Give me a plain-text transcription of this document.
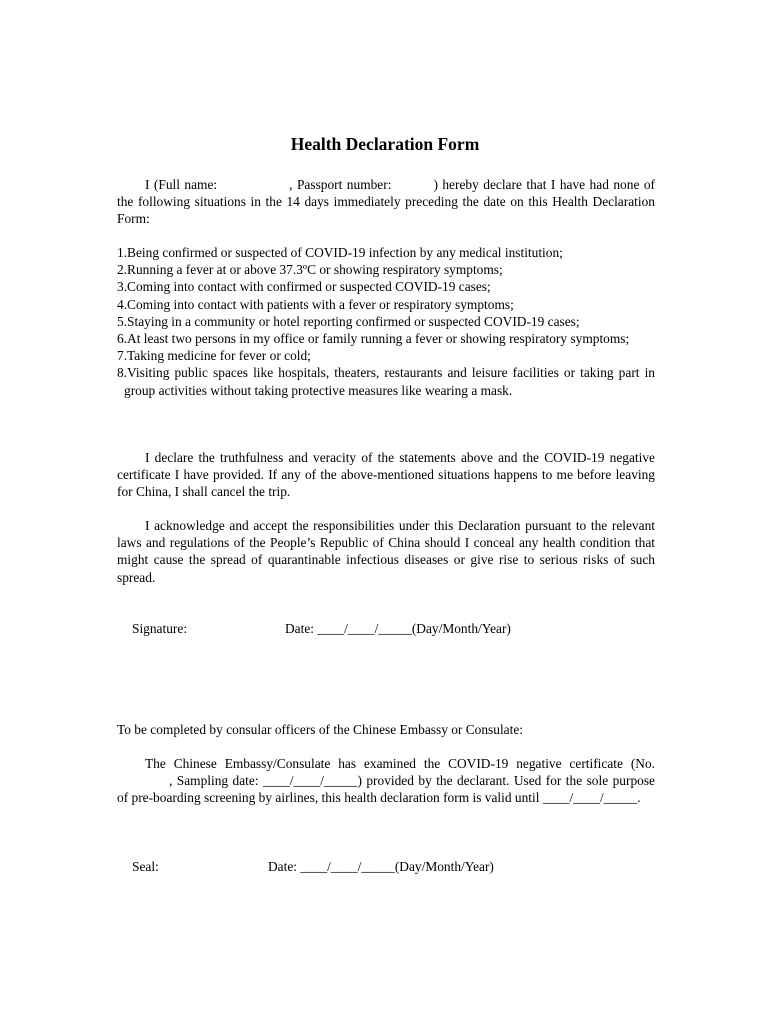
Health Declaration Form

I (Full name:	, Passport number:	) hereby declare that I have had none of the following situations in the 14 days immediately preceding the date on this Health Declaration Form:

1.Being confirmed or suspected of COVID-19 infection by any medical institution;
2.Running a fever at or above 37.3ºC or showing respiratory symptoms;
3.Coming into contact with confirmed or suspected COVID-19 cases;
4.Coming into contact with patients with a fever or respiratory symptoms;
5.Staying in a community or hotel reporting confirmed or suspected COVID-19 cases;
6.At least two persons in my office or family running a fever or showing respiratory symptoms;
7.Taking medicine for fever or cold;
8.Visiting public spaces like hospitals, theaters, restaurants and leisure facilities or taking part in group activities without taking protective measures like wearing a mask.

I declare the truthfulness and veracity of the statements above and the COVID-19 negative certificate I have provided. If any of the above-mentioned situations happens to me before leaving for China, I shall cancel the trip.

I acknowledge and accept the responsibilities under this Declaration pursuant to the relevant laws and regulations of the People’s Republic of China should I conceal any health condition that might cause the spread of quarantinable infectious diseases or give rise to serious risks of such spread.

Signature:	Date: ____/____/_____(Day/Month/Year)

To be completed by consular officers of the Chinese Embassy or Consulate:

The Chinese Embassy/Consulate has examined the COVID-19 negative certificate (No., Sampling date: ____/____/_____) provided by the declarant. Used for the sole purpose of pre-boarding screening by airlines, this health declaration form is valid until ____/____/_____.

Seal:	Date: ____/____/_____(Day/Month/Year)
